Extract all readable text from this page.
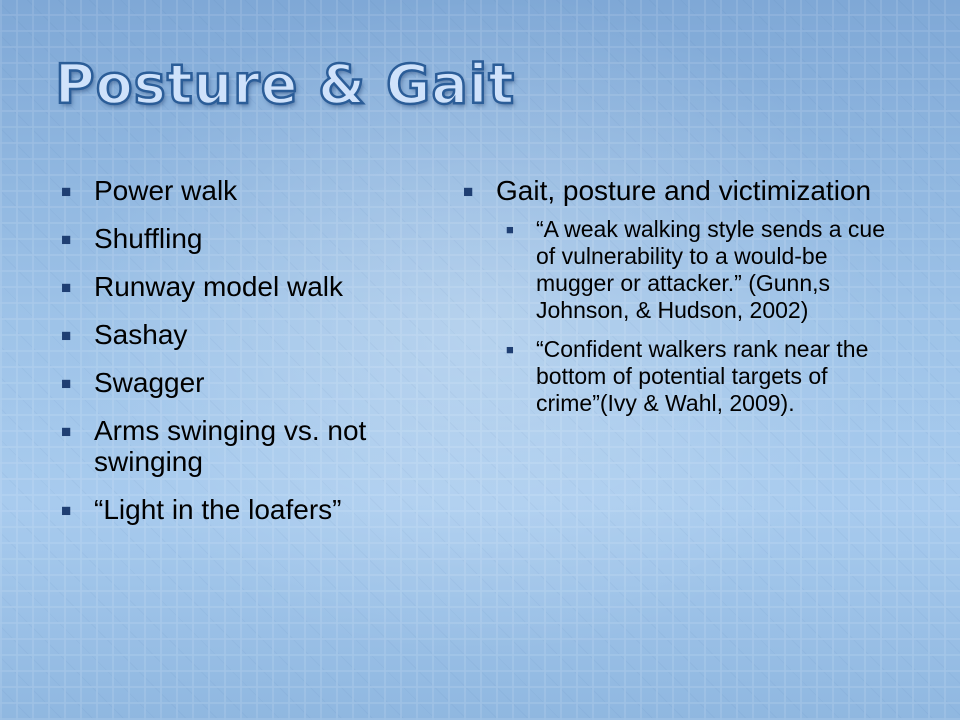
Posture & Gait
■ Power walk
■ Shuffling
■ Runway model walk
■ Sashay
■ Swagger
■ Arms swinging vs. not swinging
■ “Light in the loafers”
■ Gait, posture and victimization
■ “A weak walking style sends a cue of vulnerability to a would-be mugger or attacker.” (Gunn,s Johnson, & Hudson, 2002)
■ “Confident walkers rank near the bottom of potential targets of crime”(Ivy & Wahl, 2009).
